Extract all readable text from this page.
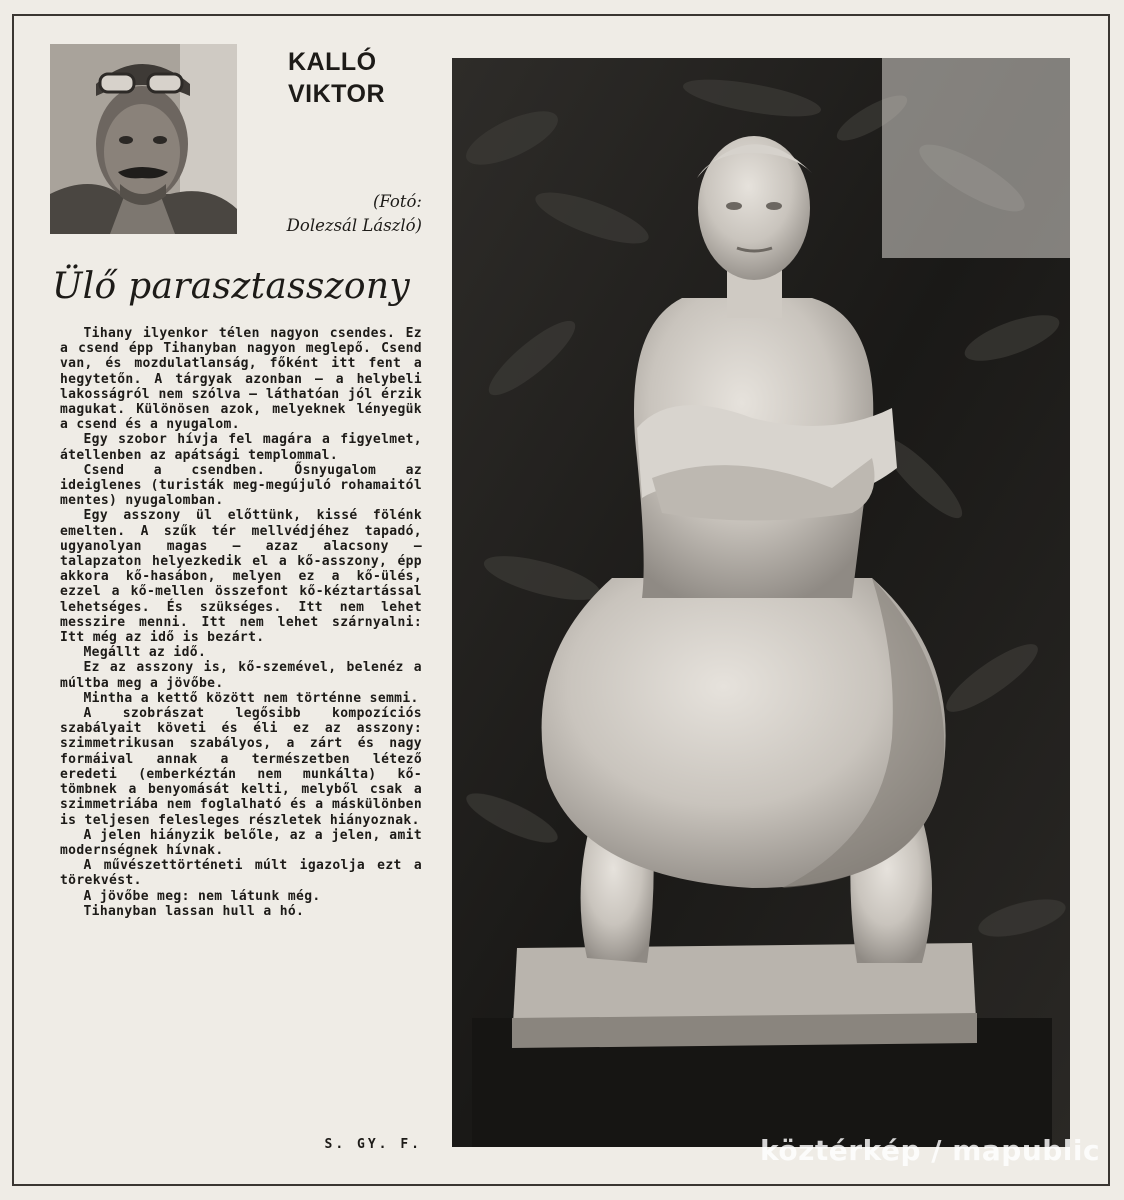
KALLÓ
VIKTOR
(Fotó:
Dolezsál László)
Ülő parasztasszony

Tihany ilyenkor télen nagyon csendes. Ez a csend épp Tihanyban nagyon meglepő. Csend van, és mozdulatlanság, főként itt fent a hegytetőn. A tárgyak azonban — a helybeli lakosságról nem szólva — láthatóan jól érzik magukat. Különösen azok, melyeknek lényegük a csend és a nyugalom.

Egy szobor hívja fel magára a figyelmet, átellenben az apátsági templommal.

Csend a csendben. Ősnyugalom az ideiglenes (turisták meg-megújuló rohamaitól mentes) nyugalomban.

Egy asszony ül előttünk, kissé fölénk emelten. A szűk tér mellvédjéhez tapadó, ugyanolyan magas — azaz alacsony — talapzaton helyezkedik el a kő-asszony, épp akkora kő-hasábon, melyen ez a kő-ülés, ezzel a kő-mellen összefont kő-kéztartással lehetséges. És szükséges. Itt nem lehet messzire menni. Itt nem lehet szárnyalni: Itt még az idő is bezárt.

Megállt az idő.

Ez az asszony is, kő-szemével, belenéz a múltba meg a jövőbe.

Mintha a kettő között nem történne semmi.

A szobrászat legősibb kompozíciós szabályait követi és éli ez az asszony: szimmetrikusan szabályos, a zárt és nagy formáival annak a természetben létező eredeti (emberkéztán nem munkálta) kő-tömbnek a benyomását kelti, melyből csak a szimmetriába nem foglalható és a máskülönben is teljesen felesleges részletek hiányoznak.

A jelen hiányzik belőle, az a jelen, amit modernségnek hívnak.

A művészettörténeti múlt igazolja ezt a törekvést.

A jövőbe meg: nem látunk még.

Tihanyban lassan hull a hó.

S. GY. F.	köztérkép / mapublic
